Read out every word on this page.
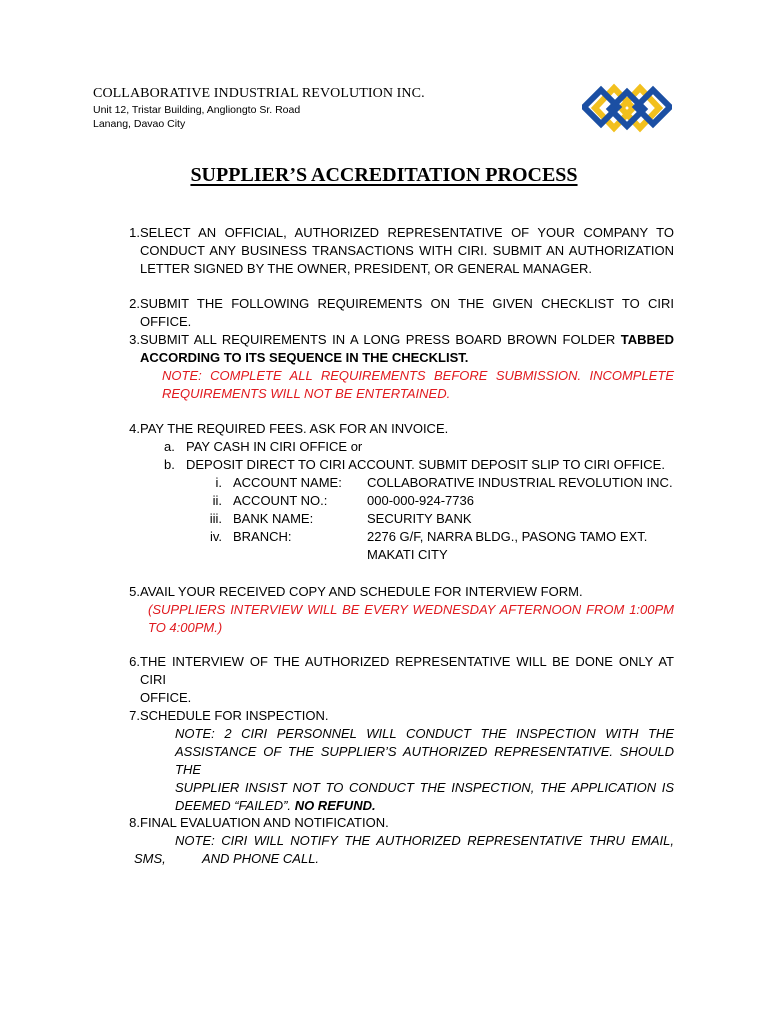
COLLABORATIVE INDUSTRIAL REVOLUTION INC.
Unit 12, Tristar Building, Angliongto Sr. Road
Lanang, Davao City
SUPPLIER’S ACCREDITATION PROCESS
1. SELECT AN OFFICIAL, AUTHORIZED REPRESENTATIVE OF YOUR COMPANY TO
CONDUCT ANY BUSINESS TRANSACTIONS WITH CIRI. SUBMIT AN AUTHORIZATION
LETTER SIGNED BY THE OWNER, PRESIDENT, OR GENERAL MANAGER.
2. SUBMIT THE FOLLOWING REQUIREMENTS ON THE GIVEN CHECKLIST TO CIRI OFFICE.
3. SUBMIT ALL REQUIREMENTS IN A LONG PRESS BOARD BROWN FOLDER TABBED
ACCORDING TO ITS SEQUENCE IN THE CHECKLIST.
NOTE: COMPLETE ALL REQUIREMENTS BEFORE SUBMISSION. INCOMPLETE
REQUIREMENTS WILL NOT BE ENTERTAINED.
4. PAY THE REQUIRED FEES. ASK FOR AN INVOICE.
a. PAY CASH IN CIRI OFFICE or
b. DEPOSIT DIRECT TO CIRI ACCOUNT. SUBMIT DEPOSIT SLIP TO CIRI OFFICE.
i. ACCOUNT NAME: COLLABORATIVE INDUSTRIAL REVOLUTION INC.
ii. ACCOUNT NO.:	000-000-924-7736
iii. BANK NAME:	SECURITY BANK
iv. BRANCH:	2276 G/F, NARRA BLDG., PASONG TAMO EXT.
MAKATI CITY
5. AVAIL YOUR RECEIVED COPY AND SCHEDULE FOR INTERVIEW FORM.
(SUPPLIERS INTERVIEW WILL BE EVERY WEDNESDAY AFTERNOON FROM 1:00PM
TO 4:00PM.)
6. THE INTERVIEW OF THE AUTHORIZED REPRESENTATIVE WILL BE DONE ONLY AT CIRI
OFFICE.
7. SCHEDULE FOR INSPECTION.
NOTE: 2 CIRI PERSONNEL WILL CONDUCT THE INSPECTION WITH THE
ASSISTANCE OF THE SUPPLIER’S AUTHORIZED REPRESENTATIVE. SHOULD THE
SUPPLIER INSIST NOT TO CONDUCT THE INSPECTION, THE APPLICATION IS
DEEMED “FAILED”. NO REFUND.
8. FINAL EVALUATION AND NOTIFICATION.
NOTE: CIRI WILL NOTIFY THE AUTHORIZED REPRESENTATIVE THRU EMAIL,
SMS,	AND PHONE CALL.
